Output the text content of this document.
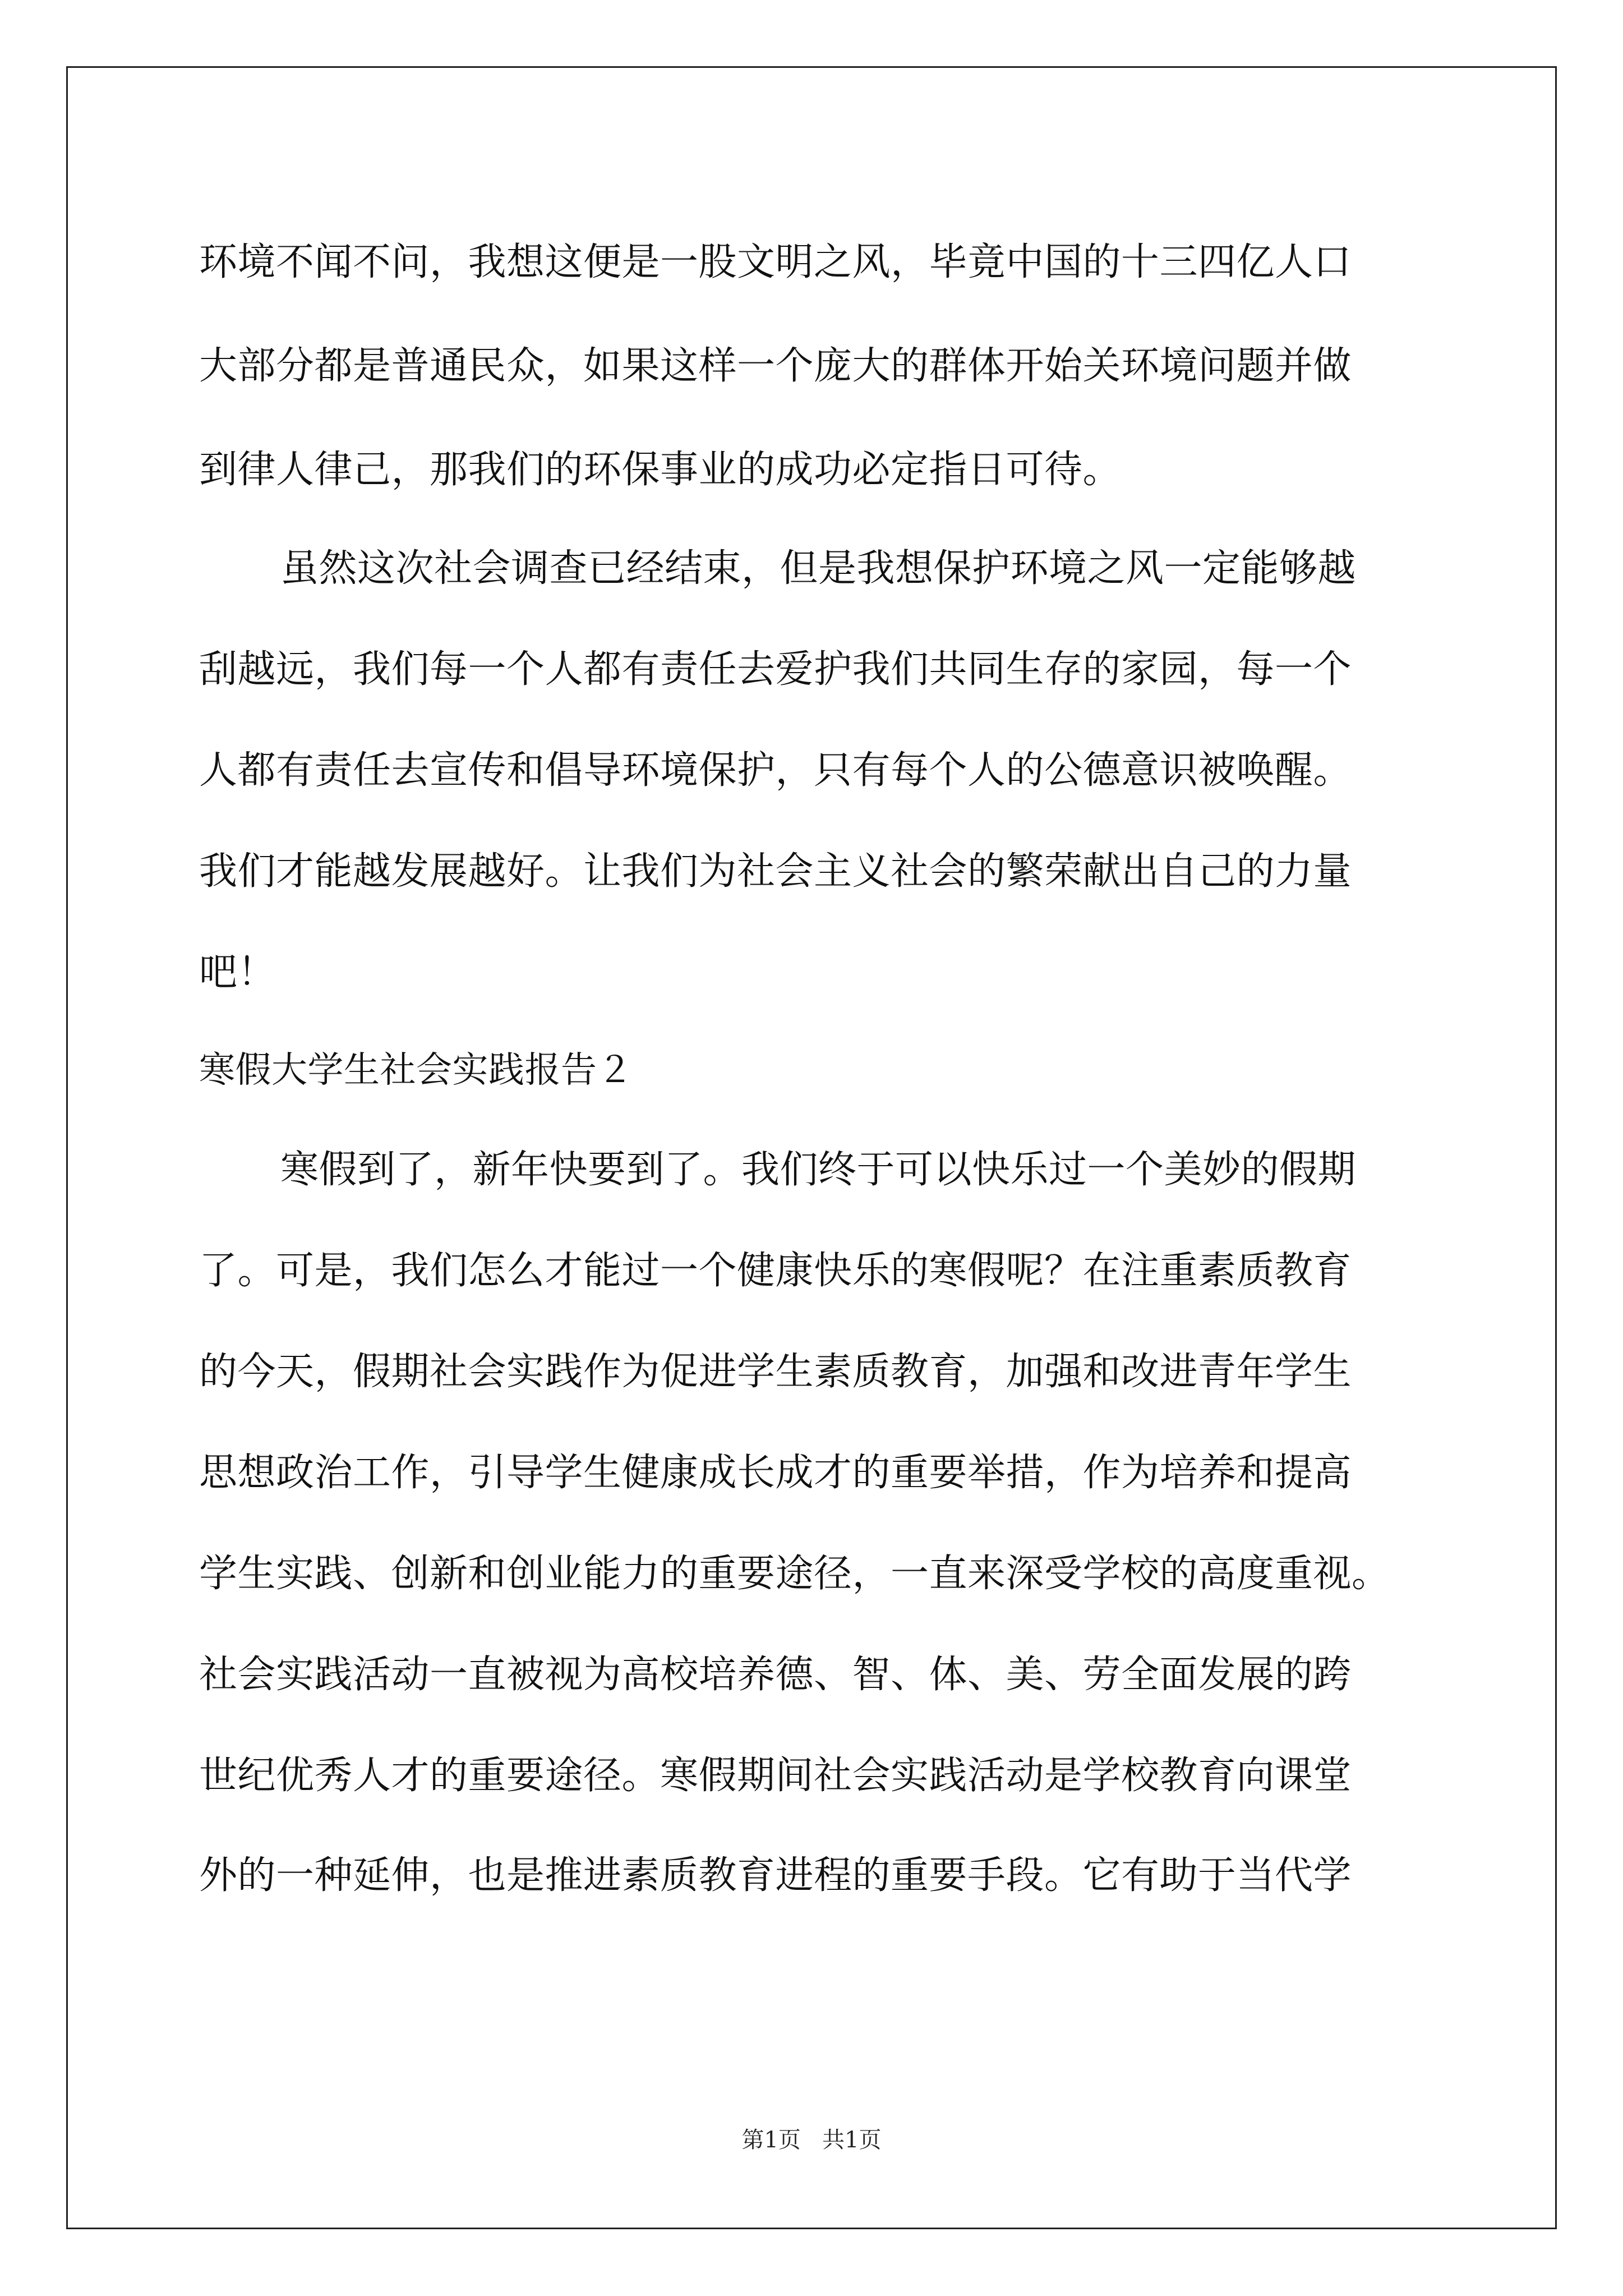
环境不闻不问，我想这便是一股文明之风，毕竟中国的十三四亿人口
大部分都是普通民众，如果这样一个庞大的群体开始关环境问题并做
到律人律己，那我们的环保事业的成功必定指日可待。
虽然这次社会调查已经结束，但是我想保护环境之风一定能够越
刮越远，我们每一个人都有责任去爱护我们共同生存的家园，每一个
人都有责任去宣传和倡导环境保护，只有每个人的公德意识被唤醒。
我们才能越发展越好。让我们为社会主义社会的繁荣献出自己的力量
吧！
寒假大学生社会实践报告２
寒假到了，新年快要到了。我们终于可以快乐过一个美妙的假期
了。可是，我们怎么才能过一个健康快乐的寒假呢？在注重素质教育
的今天，假期社会实践作为促进学生素质教育，加强和改进青年学生
思想政治工作，引导学生健康成长成才的重要举措，作为培养和提高
学生实践、创新和创业能力的重要途径，一直来深受学校的高度重视。
社会实践活动一直被视为高校培养德、智、体、美、劳全面发展的跨
世纪优秀人才的重要途径。寒假期间社会实践活动是学校教育向课堂
外的一种延伸，也是推进素质教育进程的重要手段。它有助于当代学
第1页   共1页
